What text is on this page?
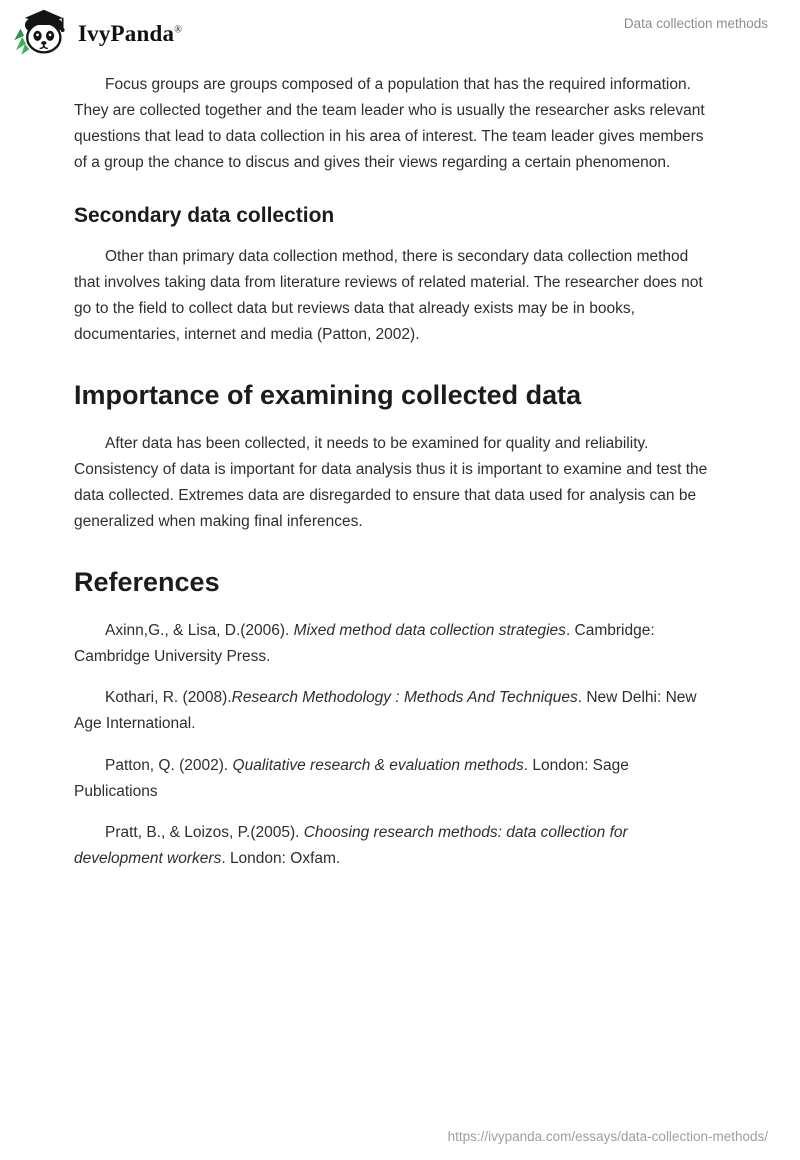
IvyPanda®	Data collection methods

Focus groups are groups composed of a population that has the required information. They are collected together and the team leader who is usually the researcher asks relevant questions that lead to data collection in his area of interest. The team leader gives members of a group the chance to discus and gives their views regarding a certain phenomenon.

Secondary data collection

Other than primary data collection method, there is secondary data collection method that involves taking data from literature reviews of related material. The researcher does not go to the field to collect data but reviews data that already exists may be in books, documentaries, internet and media (Patton, 2002).

Importance of examining collected data

After data has been collected, it needs to be examined for quality and reliability. Consistency of data is important for data analysis thus it is important to examine and test the data collected. Extremes data are disregarded to ensure that data used for analysis can be generalized when making final inferences.

References

Axinn,G., & Lisa, D.(2006). Mixed method data collection strategies. Cambridge: Cambridge University Press.

Kothari, R. (2008).Research Methodology : Methods And Techniques. New Delhi: New Age International.

Patton, Q. (2002). Qualitative research & evaluation methods. London: Sage Publications

Pratt, B., & Loizos, P.(2005). Choosing research methods: data collection for development workers. London: Oxfam.

https://ivypanda.com/essays/data-collection-methods/
